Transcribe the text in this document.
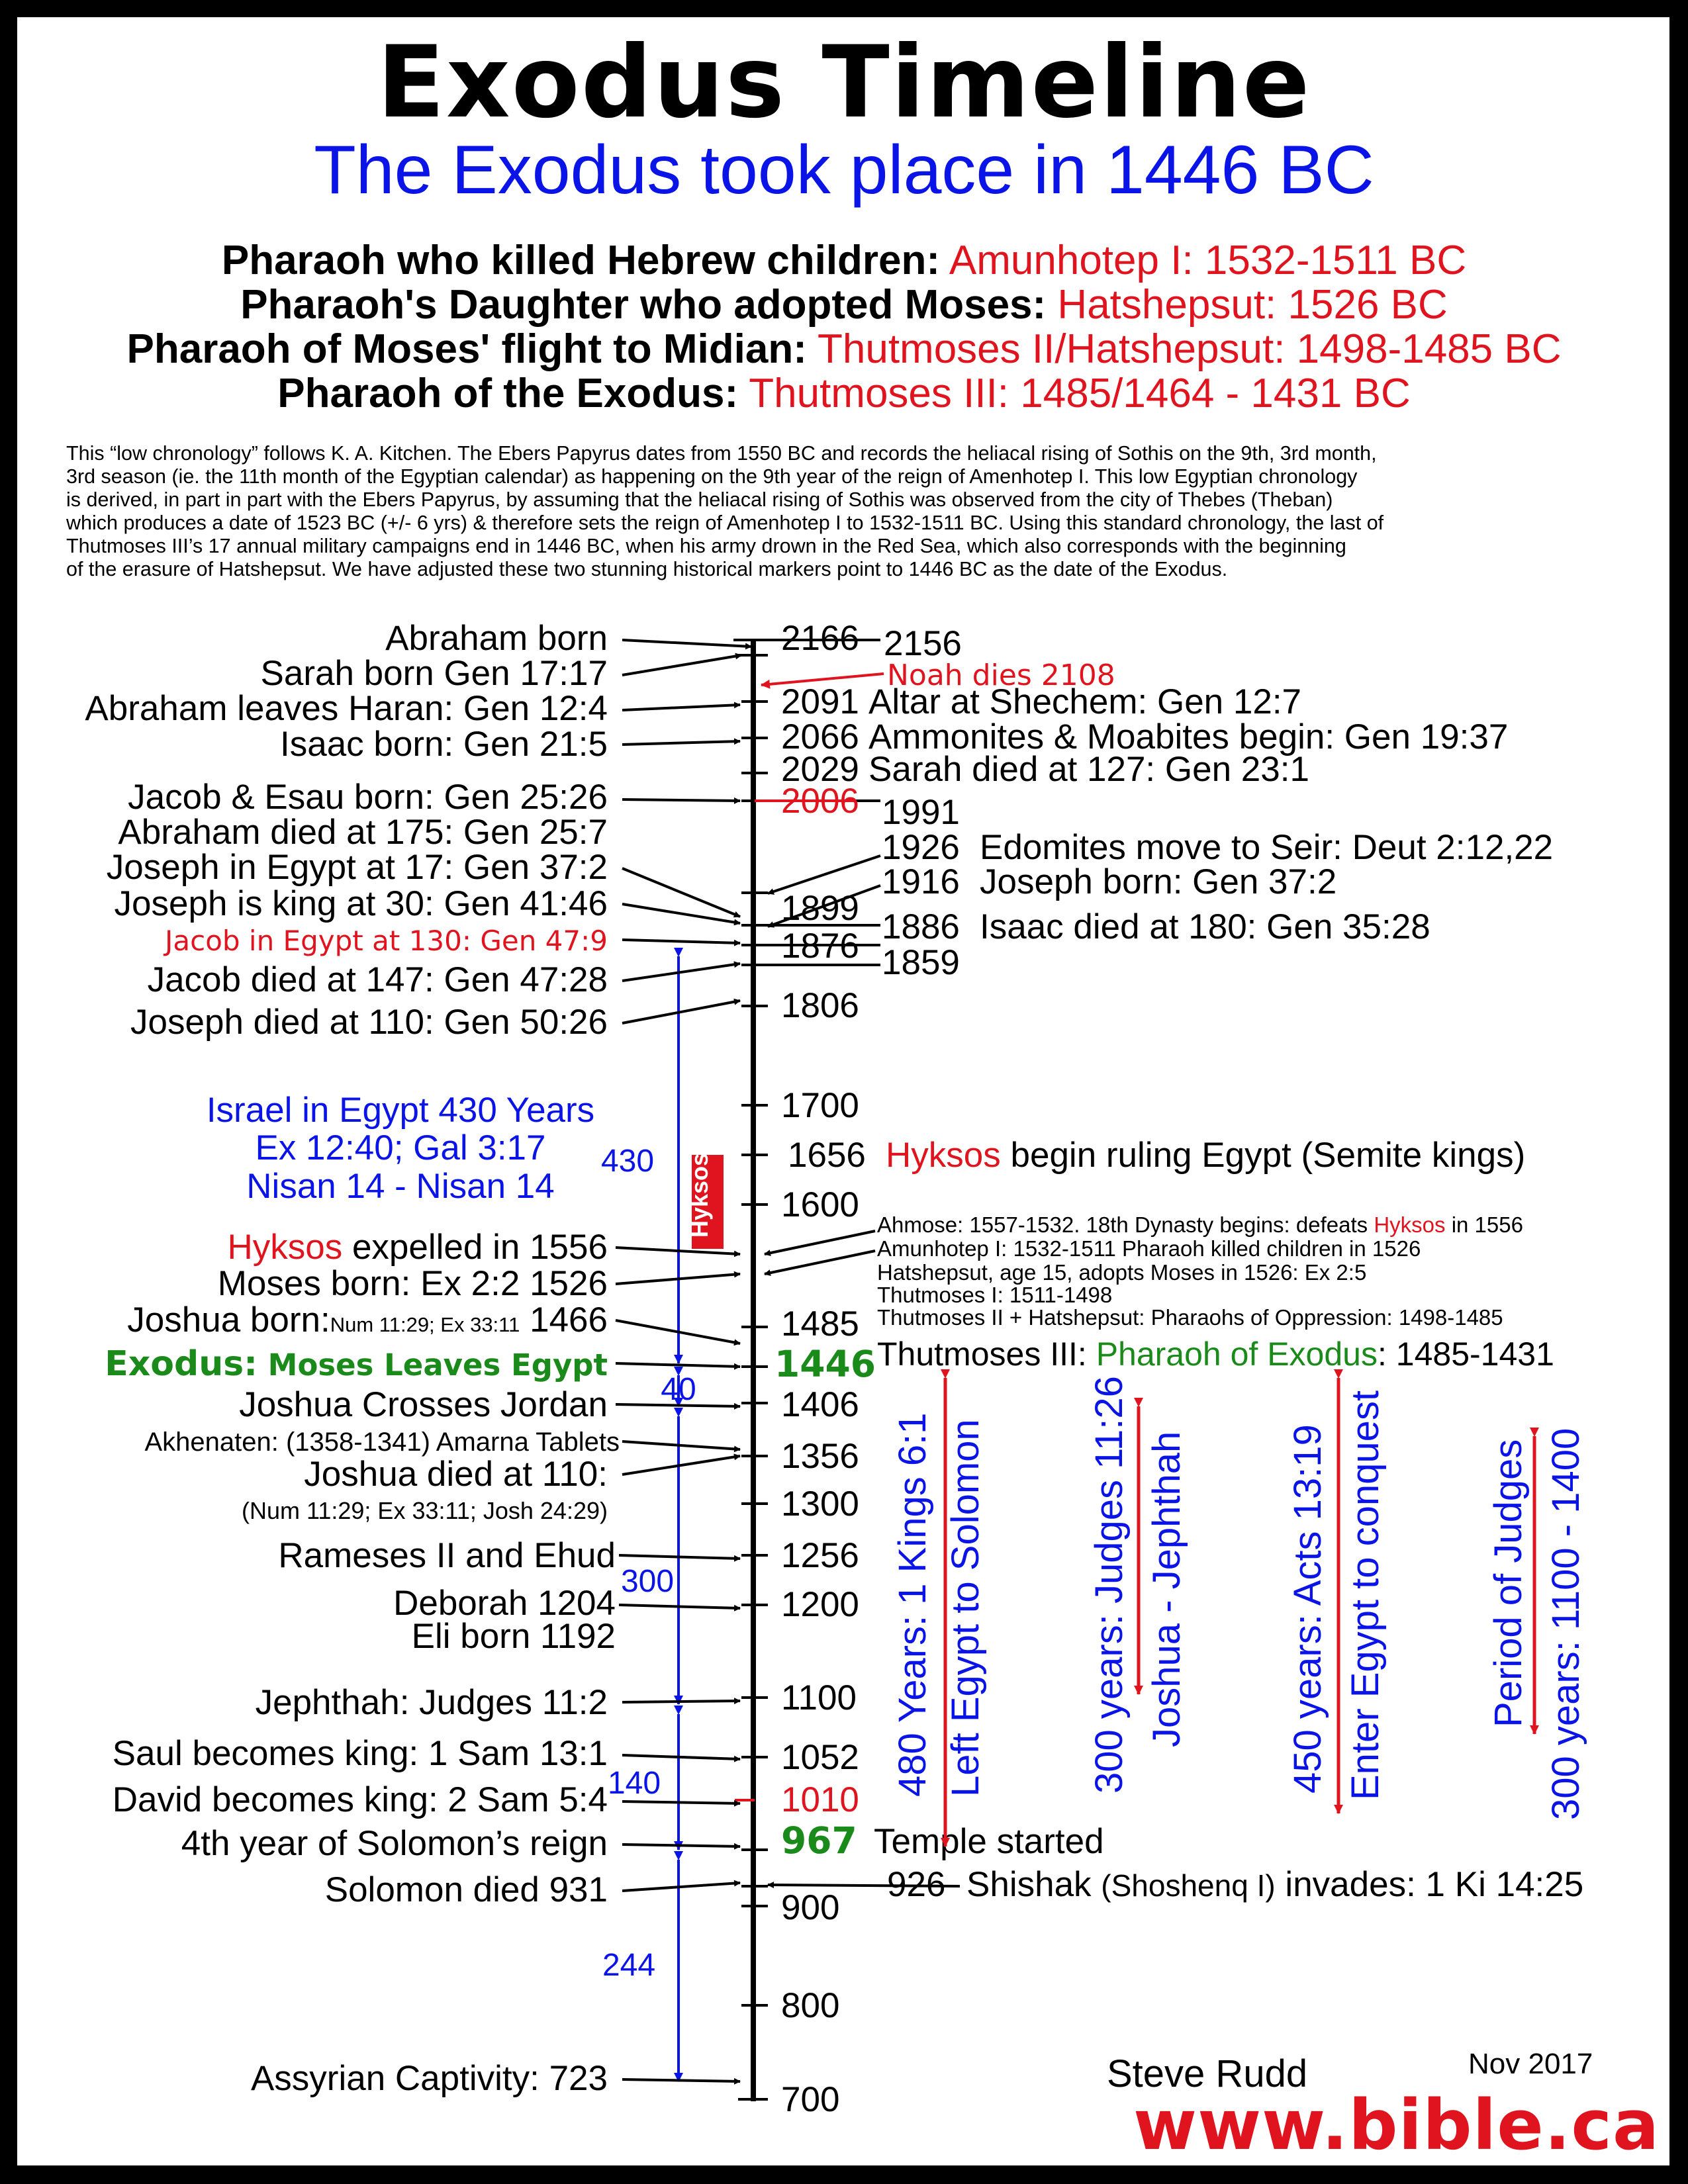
Exodus Timeline
The Exodus took place in 1446 BC
Pharaoh who killed Hebrew children: Amunhotep I: 1532-1511 BC
Pharaoh's Daughter who adopted Moses: Hatshepsut: 1526 BC
Pharaoh of Moses' flight to Midian: Thutmoses II/Hatshepsut: 1498-1485 BC
Pharaoh of the Exodus: Thutmoses III: 1485/1464 - 1431 BC
This “low chronology” follows K. A. Kitchen. The Ebers Papyrus dates from 1550 BC and records the heliacal rising of Sothis on the 9th, 3rd month,
3rd season (ie. the 11th month of the Egyptian calendar) as happening on the 9th year of the reign of Amenhotep I. This low Egyptian chronology
is derived, in part in part with the Ebers Papyrus, by assuming that the heliacal rising of Sothis was observed from the city of Thebes (Theban)
which produces a date of 1523 BC (+/- 6 yrs) & therefore sets the reign of Amenhotep I to 1532-1511 BC. Using this standard chronology, the last of
Thutmoses III’s 17 annual military campaigns end in 1446 BC, when his army drown in the Red Sea, which also corresponds with the beginning
of the erasure of Hatshepsut. We have adjusted these two stunning historical markers point to 1446 BC as the date of the Exodus.
2166 2156
2091
2066
2029
2006 1991
1926
1916
1899 1886
1876 1859
1806
1700
1656
1600
1485
1446
1406
1356
1300
1256
1200
1100
1052
1010
967
926
900
800
700
Abraham born
Sarah born Gen 17:17
Abraham leaves Haran: Gen 12:4
Isaac born: Gen 21:5
Jacob & Esau born: Gen 25:26
Abraham died at 175: Gen 25:7
Joseph in Egypt at 17: Gen 37:2
Joseph is king at 30: Gen 41:46
Jacob in Egypt at 130: Gen 47:9
Jacob died at 147: Gen 47:28
Joseph died at 110: Gen 50:26
Hyksos expelled in 1556
Moses born: Ex 2:2 1526
Joshua born:Num 11:29; Ex 33:11 1466
Exodus: Moses Leaves Egypt
Joshua Crosses Jordan
Akhenaten: (1358-1341) Amarna Tablets
Joshua died at 110:
(Num 11:29; Ex 33:11; Josh 24:29)
Rameses II and Ehud
Deborah 1204
Eli born 1192
Jephthah: Judges 11:2
Saul becomes king: 1 Sam 13:1
David becomes king: 2 Sam 5:4
4th year of Solomon’s reign
Solomon died 931
Assyrian Captivity: 723
Noah dies 2108
Altar at Shechem: Gen 12:7
Ammonites & Moabites begin: Gen 19:37
Sarah died at 127: Gen 23:1
Edomites move to Seir: Deut 2:12,22
Joseph born: Gen 37:2
Isaac died at 180: Gen 35:28
Hyksos begin ruling Egypt (Semite kings)
Temple started
Shishak (Shoshenq I) invades: 1 Ki 14:25
Ahmose: 1557-1532. 18th Dynasty begins: defeats Hyksos in 1556
Amunhotep I: 1532-1511 Pharaoh killed children in 1526
Hatshepsut, age 15, adopts Moses in 1526: Ex 2:5
Thutmoses I: 1511-1498
Thutmoses II + Hatshepsut: Pharaohs of Oppression: 1498-1485
Thutmoses III: Pharaoh of Exodus: 1485-1431
Israel in Egypt 430 Years
Ex 12:40; Gal 3:17
Nisan 14 - Nisan 14	Hyksos
430
40
300
140
244
480 Years: 1 Kings 6:1 Left Egypt to Solomon	300 years: Judges 11:26 Joshua - Jephthah	450 years: Acts 13:19 Enter Egypt to conquest	Period of Judges 300 years: 1100 - 1400
Steve Rudd	Nov 2017
www.bible.ca
